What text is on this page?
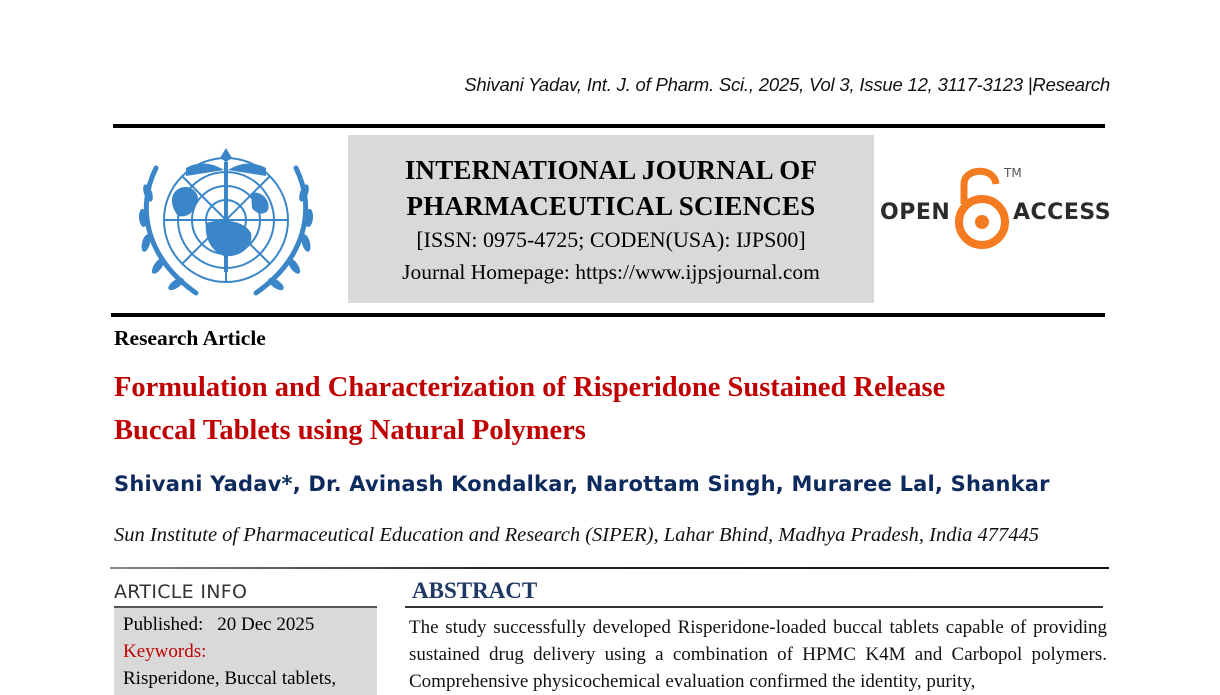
Shivani Yadav, Int. J. of Pharm. Sci., 2025, Vol 3, Issue 12, 3117-3123 |Research
INTERNATIONAL JOURNAL OF
PHARMACEUTICAL SCIENCES
[ISSN: 0975-4725; CODEN(USA): IJPS00]
Journal Homepage: https://www.ijpsjournal.com
OPEN
TM
ACCESS
Research Article
Formulation and Characterization of Risperidone Sustained Release
Buccal Tablets using Natural Polymers
Shivani Yadav*, Dr. Avinash Kondalkar, Narottam Singh, Muraree Lal, Shankar
Sun Institute of Pharmaceutical Education and Research (SIPER), Lahar Bhind, Madhya Pradesh, India 477445
ARTICLE INFO
Published: 20 Dec 2025
Keywords:
Risperidone, Buccal tablets,
ABSTRACT
The study successfully developed Risperidone-loaded buccal tablets capable of providing sustained drug delivery using a combination of HPMC K4M and Carbopol polymers. Comprehensive physicochemical evaluation confirmed the identity, purity,
